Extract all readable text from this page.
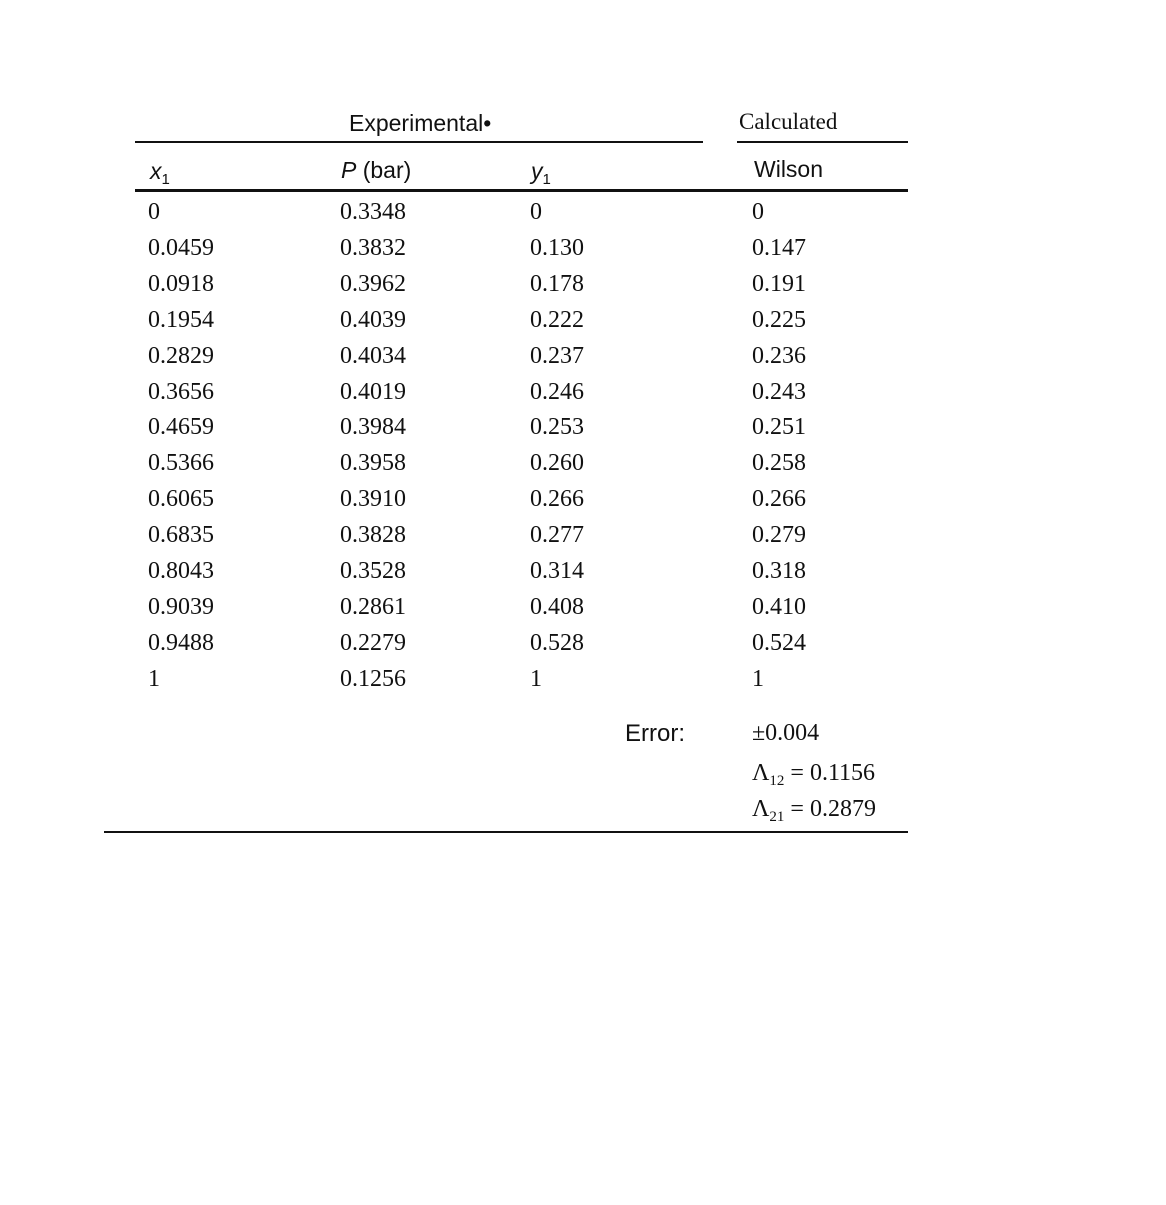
Experimental•	Calculated
$x_1$	P (bar)	$y_1$	Wilson
0	0.3348	0	0
0.0459	0.3832	0.130	0.147
0.0918	0.3962	0.178	0.191
0.1954	0.4039	0.222	0.225
0.2829	0.4034	0.237	0.236
0.3656	0.4019	0.246	0.243
0.4659	0.3984	0.253	0.251
0.5366	0.3958	0.260	0.258
0.6065	0.3910	0.266	0.266
0.6835	0.3828	0.277	0.279
0.8043	0.3528	0.314	0.318
0.9039	0.2861	0.408	0.410
0.9488	0.2279	0.528	0.524
1	0.1256	1	1
Error:	±0.004
$\Lambda_{12} = 0.1156$
$\Lambda_{21} = 0.2879$
